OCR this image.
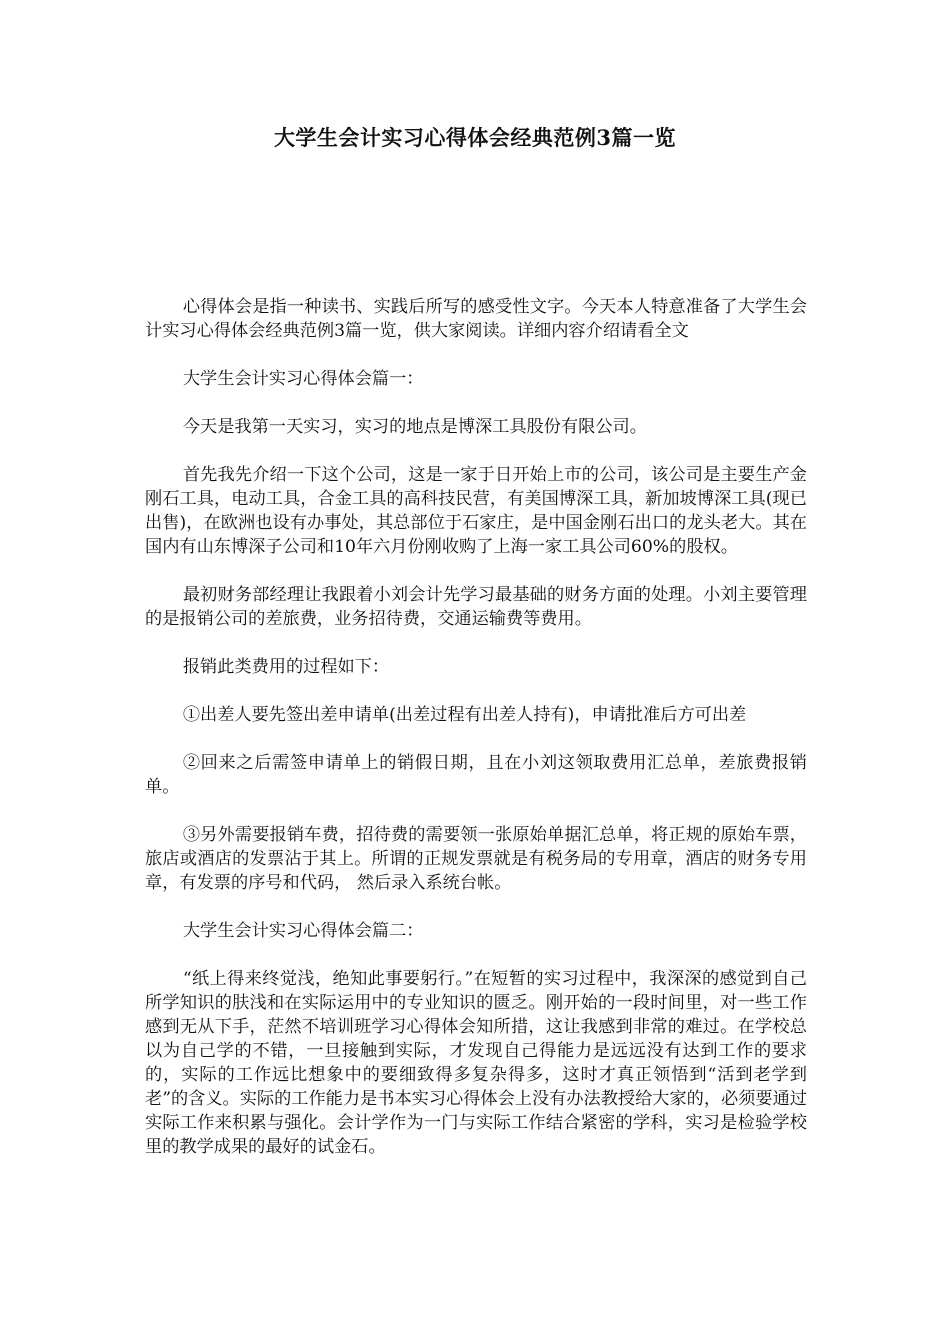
大学生会计实习心得体会经典范例3篇一览

心得体会是指一种读书、实践后所写的感受性文字。今天本人特意准备了大学生会计实习心得体会经典范例3篇一览，供大家阅读。详细内容介绍请看全文

大学生会计实习心得体会篇一：

今天是我第一天实习，实习的地点是博深工具股份有限公司。

首先我先介绍一下这个公司，这是一家于日开始上市的公司，该公司是主要生产金刚石工具，电动工具，合金工具的高科技民营，有美国博深工具，新加坡博深工具(现已出售)，在欧洲也设有办事处，其总部位于石家庄，是中国金刚石出口的龙头老大。其在国内有山东博深子公司和10年六月份刚收购了上海一家工具公司60%的股权。

最初财务部经理让我跟着小刘会计先学习最基础的财务方面的处理。小刘主要管理的是报销公司的差旅费，业务招待费，交通运输费等费用。

报销此类费用的过程如下：

①出差人要先签出差申请单(出差过程有出差人持有)，申请批准后方可出差

②回来之后需签申请单上的销假日期，且在小刘这领取费用汇总单，差旅费报销单。

③另外需要报销车费，招待费的需要领一张原始单据汇总单，将正规的原始车票，旅店或酒店的发票沾于其上。所谓的正规发票就是有税务局的专用章，酒店的财务专用章，有发票的序号和代码， 然后录入系统台帐。

大学生会计实习心得体会篇二：

“纸上得来终觉浅，绝知此事要躬行。”在短暂的实习过程中，我深深的感觉到自己所学知识的肤浅和在实际运用中的专业知识的匮乏。刚开始的一段时间里，对一些工作感到无从下手，茫然不培训班学习心得体会知所措，这让我感到非常的难过。在学校总以为自己学的不错，一旦接触到实际，才发现自己得能力是远远没有达到工作的要求的，实际的工作远比想象中的要细致得多复杂得多，这时才真正领悟到“活到老学到老”的含义。实际的工作能力是书本实习心得体会上没有办法教授给大家的，必须要通过实际工作来积累与强化。会计学作为一门与实际工作结合紧密的学科，实习是检验学校里的教学成果的最好的试金石。
